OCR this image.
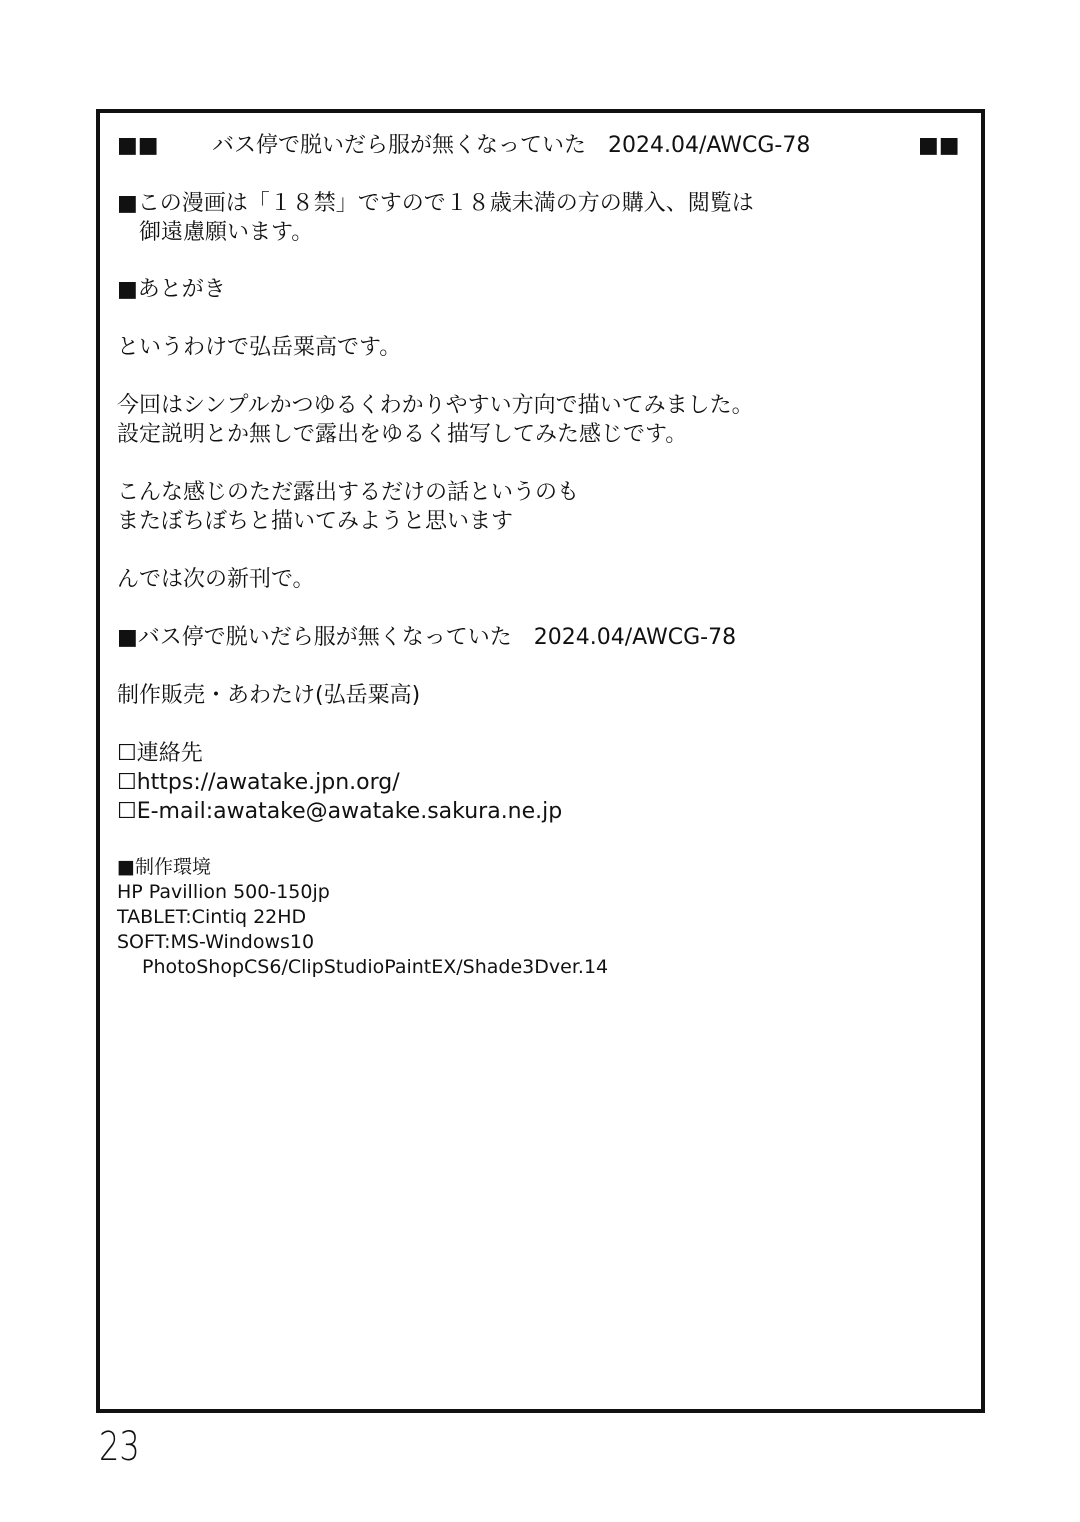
■■ バス停で脱いだら服が無くなっていた　2024.04/AWCG-78	■■
■この漫画は「１８禁」ですので１８歳未満の方の購入、閲覧は
　御遠慮願います。
■あとがき
というわけで弘岳粟高です。
今回はシンプルかつゆるくわかりやすい方向で描いてみました。
設定説明とか無しで露出をゆるく描写してみた感じです。
こんな感じのただ露出するだけの話というのも
またぼちぼちと描いてみようと思います
んでは次の新刊で。
■バス停で脱いだら服が無くなっていた　2024.04/AWCG-78
制作販売・あわたけ(弘岳粟高)
☐連絡先
☐https://awatake.jpn.org/
☐E-mail:awatake@awatake.sakura.ne.jp
■制作環境
HP Pavillion 500-150jp
TABLET:Cintiq 22HD
SOFT:MS-Windows10
　 PhotoShopCS6/ClipStudioPaintEX/Shade3Dver.14
23
